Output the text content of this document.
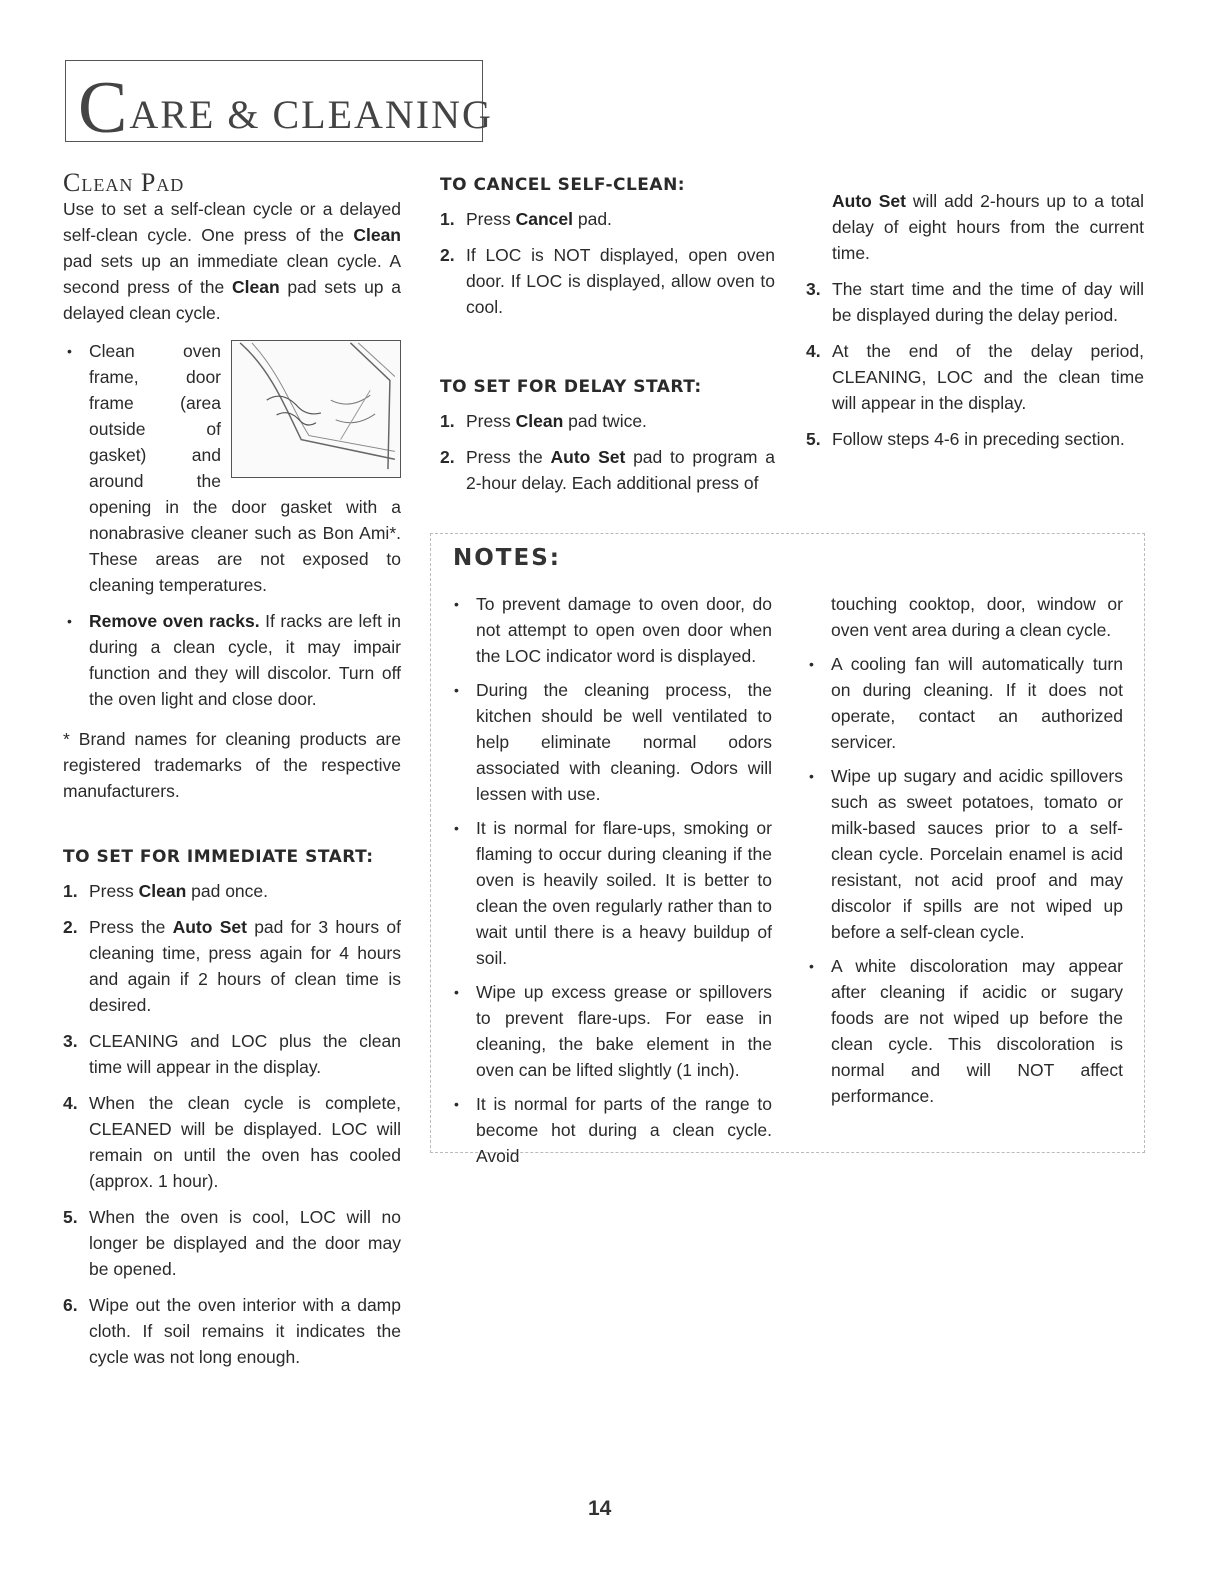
CARE & CLEANING

Clean Pad

Use to set a self-clean cycle or a delayed self-clean cycle. One press of the Clean pad sets up an immediate clean cycle. A second press of the Clean pad sets up a delayed clean cycle.

• Clean oven frame, door frame (area outside of gasket) and around the opening in the door gasket with a nonabrasive cleaner such as Bon Ami*. These areas are not exposed to cleaning temperatures.
• Remove oven racks. If racks are left in during a clean cycle, it may impair function and they will discolor. Turn off the oven light and close door.

* Brand names for cleaning products are registered trademarks of the respective manufacturers.

TO SET FOR IMMEDIATE START:

1. Press Clean pad once.
2. Press the Auto Set pad for 3 hours of cleaning time, press again for 4 hours and again if 2 hours of clean time is desired.
3. CLEANING and LOC plus the clean time will appear in the display.
4. When the clean cycle is complete, CLEANED will be displayed. LOC will remain on until the oven has cooled (approx. 1 hour).
5. When the oven is cool, LOC will no longer be displayed and the door may be opened.
6. Wipe out the oven interior with a damp cloth. If soil remains it indicates the cycle was not long enough.

TO CANCEL SELF-CLEAN:

1. Press Cancel pad.
2. If LOC is NOT displayed, open oven door. If LOC is displayed, allow oven to cool.

TO SET FOR DELAY START:

1. Press Clean pad twice.
2. Press the Auto Set pad to program a 2-hour delay. Each additional press of
Auto Set will add 2-hours up to a total delay of eight hours from the current time.
3. The start time and the time of day will be displayed during the delay period.
4. At the end of the delay period, CLEANING, LOC and the clean time will appear in the display.
5. Follow steps 4-6 in preceding section.
NOTES:
• To prevent damage to oven door, do not attempt to open oven door when the LOC indicator word is displayed.
• During the cleaning process, the kitchen should be well ventilated to help eliminate normal odors associated with cleaning. Odors will lessen with use.
• It is normal for flare-ups, smoking or flaming to occur during cleaning if the oven is heavily soiled. It is better to clean the oven regularly rather than to wait until there is a heavy buildup of soil.
• Wipe up excess grease or spillovers to prevent flare-ups. For ease in cleaning, the bake element in the oven can be lifted slightly (1 inch).
• It is normal for parts of the range to become hot during a clean cycle. Avoid
touching cooktop, door, window or oven vent area during a clean cycle.
• A cooling fan will automatically turn on during cleaning. If it does not operate, contact an authorized servicer.
• Wipe up sugary and acidic spillovers such as sweet potatoes, tomato or milk-based sauces prior to a self-clean cycle. Porcelain enamel is acid resistant, not acid proof and may discolor if spills are not wiped up before a self-clean cycle.
• A white discoloration may appear after cleaning if acidic or sugary foods are not wiped up before the clean cycle. This discoloration is normal and will NOT affect performance.
14
